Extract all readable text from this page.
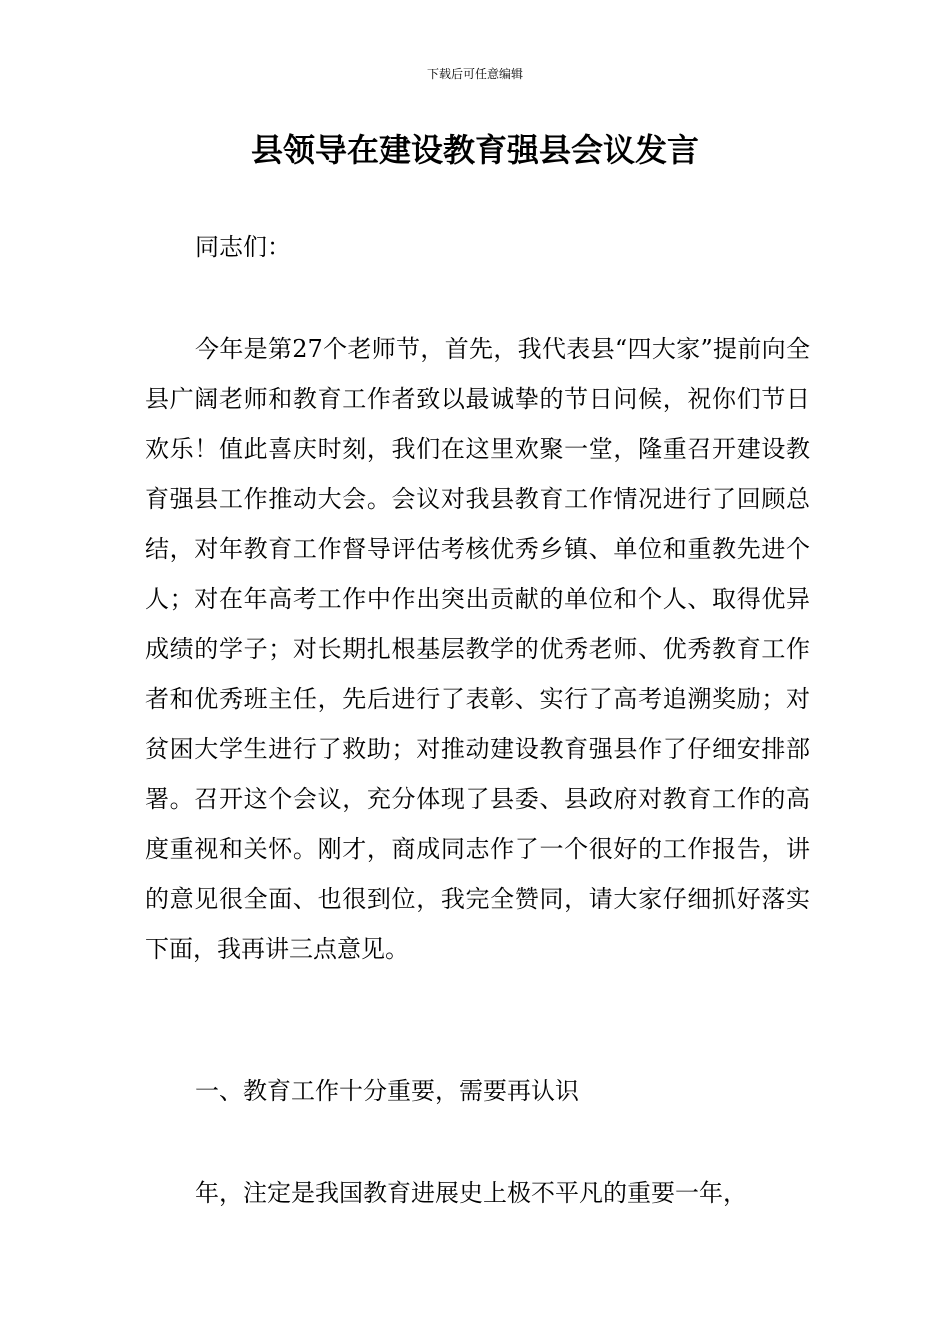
下载后可任意编辑
县领导在建设教育强县会议发言

同志们：

今年是第27个老师节，首先，我代表县“四大家”提前向全县广阔老师和教育工作者致以最诚挚的节日问候，祝你们节日欢乐！值此喜庆时刻，我们在这里欢聚一堂，隆重召开建设教育强县工作推动大会。会议对我县教育工作情况进行了回顾总结，对年教育工作督导评估考核优秀乡镇、单位和重教先进个人；对在年高考工作中作出突出贡献的单位和个人、取得优异成绩的学子；对长期扎根基层教学的优秀老师、优秀教育工作者和优秀班主任，先后进行了表彰、实行了高考追溯奖励；对贫困大学生进行了救助；对推动建设教育强县作了仔细安排部署。召开这个会议，充分体现了县委、县政府对教育工作的高度重视和关怀。刚才，商成同志作了一个很好的工作报告，讲的意见很全面、也很到位，我完全赞同，请大家仔细抓好落实下面，我再讲三点意见。

一、教育工作十分重要，需要再认识

年，注定是我国教育进展史上极不平凡的重要一年，
